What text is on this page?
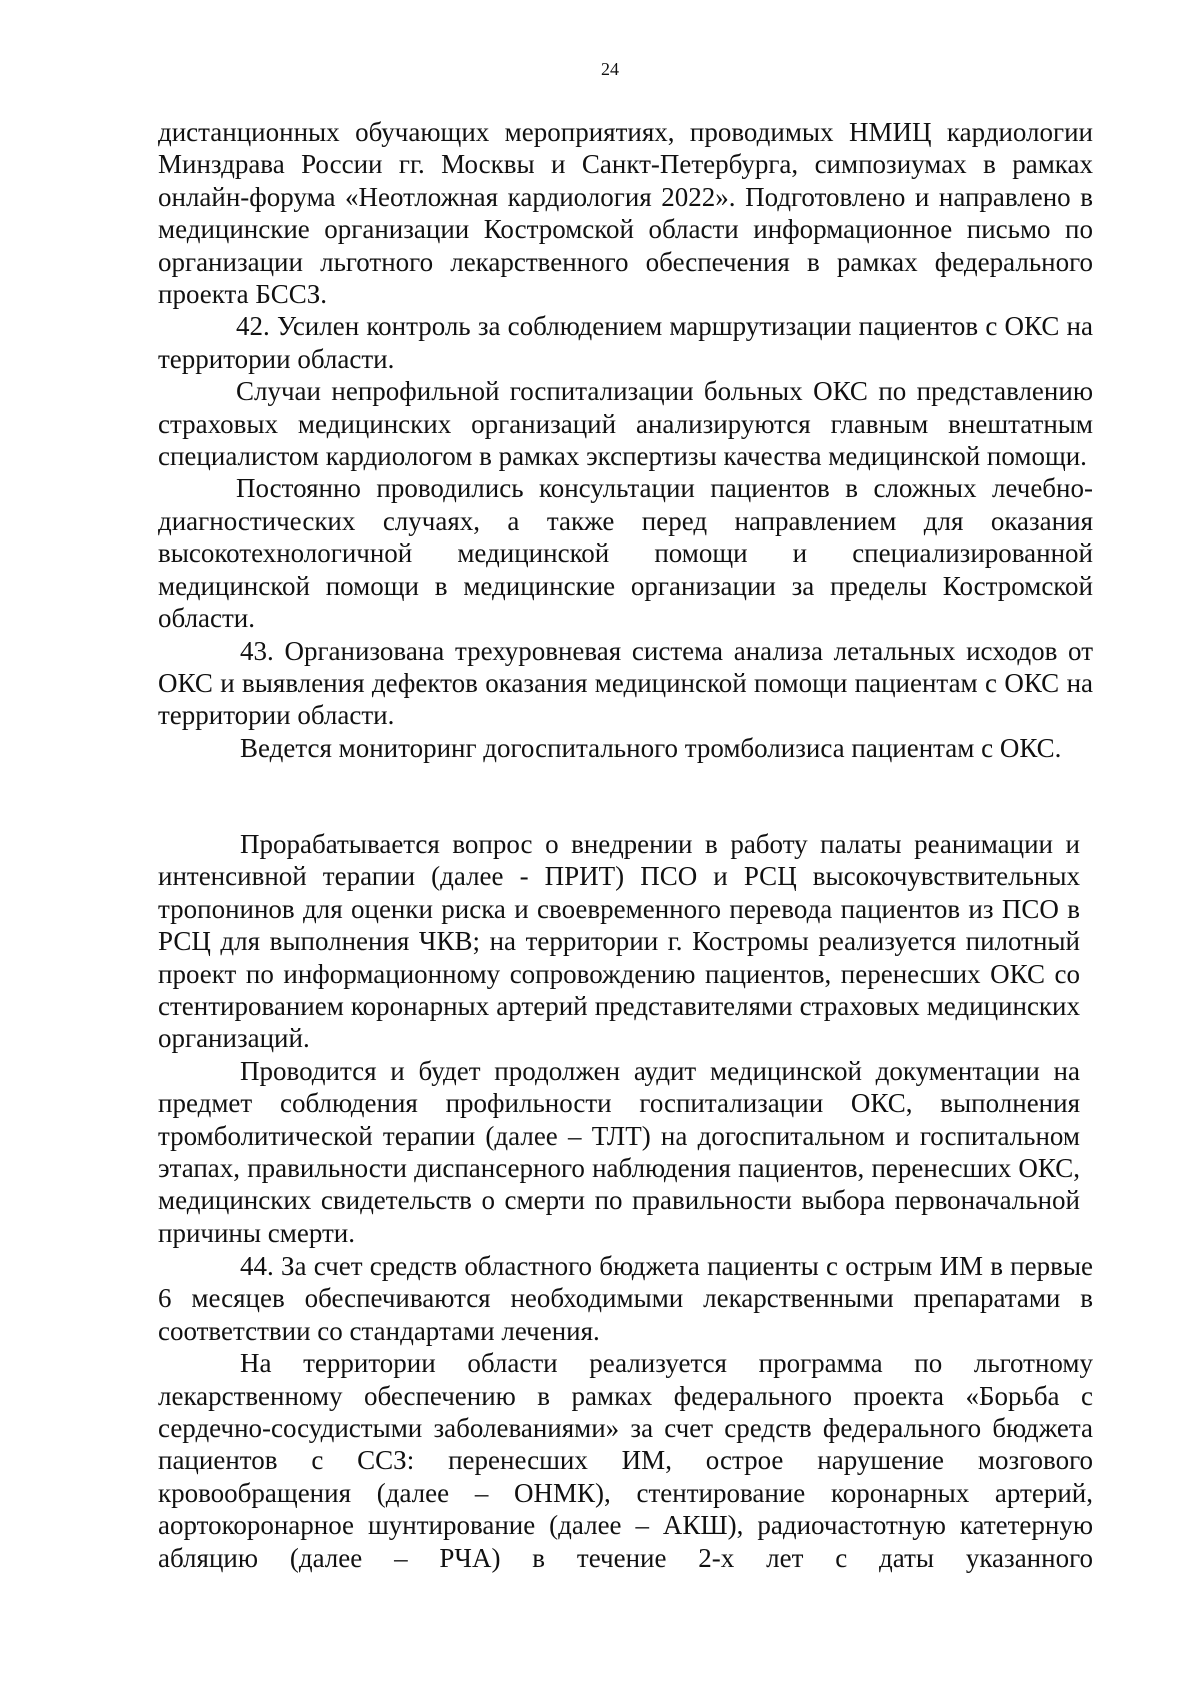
24

дистанционных обучающих мероприятиях, проводимых НМИЦ кардиологии Минздрава России гг. Москвы и Санкт-Петербурга, симпозиумах в рамках онлайн-форума «Неотложная кардиология 2022». Подготовлено и направлено в медицинские организации Костромской области информационное письмо по организации льготного лекарственного обеспечения в рамках федерального проекта БССЗ.

42. Усилен контроль за соблюдением маршрутизации пациентов с ОКС на территории области.

Случаи непрофильной госпитализации больных ОКС по представлению страховых медицинских организаций анализируются главным внештатным специалистом кардиологом в рамках экспертизы качества медицинской помощи.

Постоянно проводились консультации пациентов в сложных лечебно-диагностических случаях, а также перед направлением для оказания высокотехнологичной медицинской помощи и специализированной медицинской помощи в медицинские организации за пределы Костромской области.

43. Организована трехуровневая система анализа летальных исходов от ОКС и выявления дефектов оказания медицинской помощи пациентам с ОКС на территории области.

Ведется мониторинг догоспитального тромболизиса пациентам с ОКС.

Прорабатывается вопрос о внедрении в работу палаты реанимации и интенсивной терапии (далее - ПРИТ) ПСО и РСЦ высокочувствительных тропонинов для оценки риска и своевременного перевода пациентов из ПСО в РСЦ для выполнения ЧКВ; на территории г. Костромы реализуется пилотный проект по информационному сопровождению пациентов, перенесших ОКС со стентированием коронарных артерий представителями страховых медицинских организаций.

Проводится и будет продолжен аудит медицинской документации на предмет соблюдения профильности госпитализации ОКС, выполнения тромболитической терапии (далее – ТЛТ) на догоспитальном и госпитальном этапах, правильности диспансерного наблюдения пациентов, перенесших ОКС, медицинских свидетельств о смерти по правильности выбора первоначальной причины смерти.

44. За счет средств областного бюджета пациенты с острым ИМ в первые 6 месяцев обеспечиваются необходимыми лекарственными препаратами в соответствии со стандартами лечения.

На территории области реализуется программа по льготному лекарственному обеспечению в рамках федерального проекта «Борьба с сердечно-сосудистыми заболеваниями» за счет средств федерального бюджета пациентов с ССЗ: перенесших ИМ, острое нарушение мозгового кровообращения (далее – ОНМК), стентирование коронарных артерий, аортокоронарное шунтирование (далее – АКШ), радиочастотную катетерную абляцию (далее – РЧА) в течение 2-х лет с даты указанного
